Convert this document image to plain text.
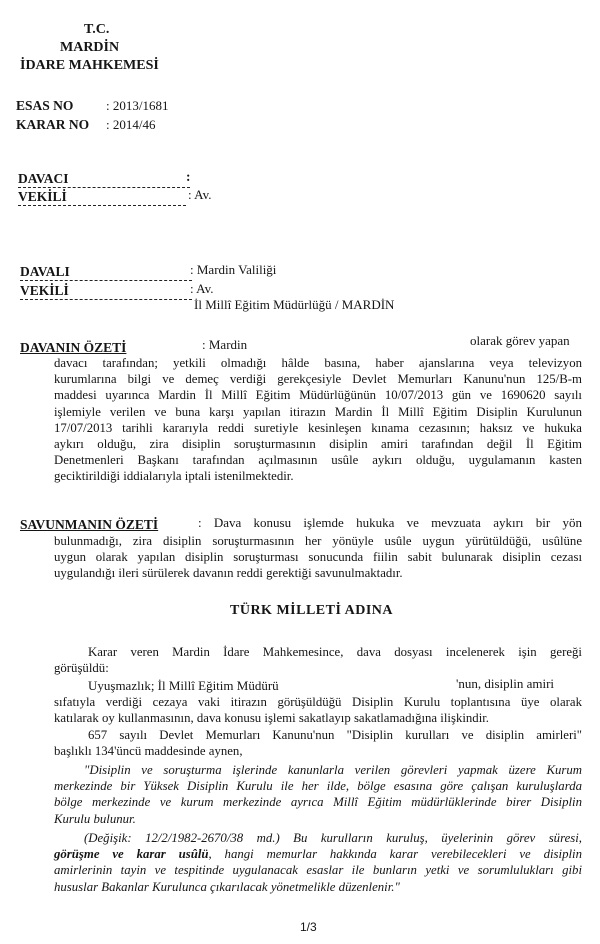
T.C.
MARDİN
İDARE MAHKEMESİ
ESAS NO	: 2013/1681
KARAR NO : 2014/46
DAVACI	:
VEKİLİ	: Av.
DAVALI	: Mardin Valiliği
VEKİLİ	: Av.
İl Millî Eğitim Müdürlüğü / MARDİN
DAVANIN ÖZETİ	: Mardin	olarak görev yapan
davacı tarafından; yetkili olmadığı hâlde basına, haber ajanslarına veya televizyon
kurumlarına bilgi ve demeç verdiği gerekçesiyle Devlet Memurları Kanunu'nun 125/B-m
maddesi uyarınca Mardin İl Millî Eğitim Müdürlüğünün 10/07/2013 gün ve 1690620 sayılı
işlemiyle verilen ve buna karşı yapılan itirazın Mardin İl Millî Eğitim Disiplin Kurulunun
17/07/2013 tarihli kararıyla reddi suretiyle kesinleşen kınama cezasının; haksız ve hukuka
aykırı olduğu, zira disiplin soruşturmasının disiplin amiri tarafından değil İl Eğitim
Denetmenleri Başkanı tarafından açılmasının usûle aykırı olduğu, uygulamanın kasten
geciktirildiği iddialarıyla iptali istenilmektedir.
SAVUNMANIN ÖZETİ	: Dava konusu işlemde hukuka ve mevzuata aykırı bir yön
bulunmadığı, zira disiplin soruşturmasının her yönüyle usûle uygun yürütüldüğü, usûlüne
uygun olarak yapılan disiplin soruşturması sonucunda fiilin sabit bulunarak disiplin cezası
uygulandığı ileri sürülerek davanın reddi gerektiği savunulmaktadır.
TÜRK MİLLETİ ADINA
Karar veren Mardin İdare Mahkemesince, dava dosyası incelenerek işin gereği
görüşüldü:
Uyuşmazlık; İl Millî Eğitim Müdürü	'nun, disiplin amiri
sıfatıyla verdiği cezaya vaki itirazın görüşüldüğü Disiplin Kurulu toplantısına üye olarak
katılarak oy kullanmasının, dava konusu işlemi sakatlayıp sakatlamadığına ilişkindir.
657 sayılı Devlet Memurları Kanunu'nun "Disiplin kurulları ve disiplin amirleri"
başlıklı 134'üncü maddesinde aynen,
"Disiplin ve soruşturma işlerinde kanunlarla verilen görevleri yapmak üzere Kurum
merkezinde bir Yüksek Disiplin Kurulu ile her ilde, bölge esasına göre çalışan kuruluşlarda
bölge merkezinde ve kurum merkezinde ayrıca Millî Eğitim müdürlüklerinde birer Disiplin
Kurulu bulunur.
(Değişik: 12/2/1982-2670/38 md.) Bu kurulların kuruluş, üyelerinin görev süresi,
görüşme ve karar usûlü, hangi memurlar hakkında karar verebilecekleri ve disiplin
amirlerinin tayin ve tespitinde uygulanacak esaslar ile bunların yetki ve sorumlulukları gibi
hususlar Bakanlar Kurulunca çıkarılacak yönetmelikle düzenlenir."
1/3
